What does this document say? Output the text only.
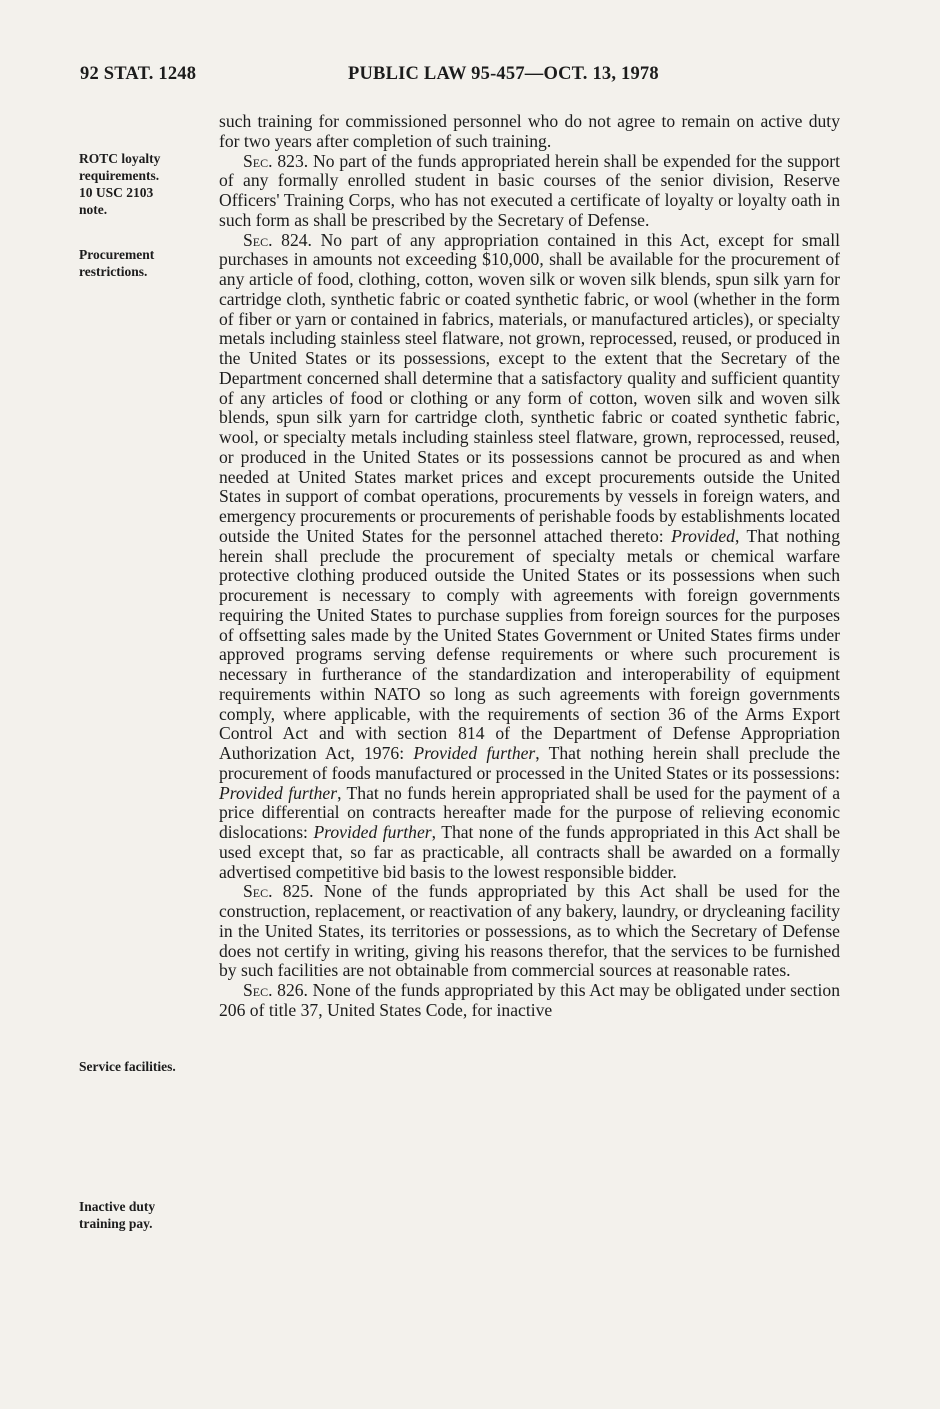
92 STAT. 1248	PUBLIC LAW 95-457—OCT. 13, 1978
ROTC loyalty
requirements.
10 USC 2103
note.
Procurement
restrictions.
Service facilities.
Inactive duty
training pay.

such training for commissioned personnel who do not agree to remain on active duty for two years after completion of such training.

Sec. 823. No part of the funds appropriated herein shall be expended for the support of any formally enrolled student in basic courses of the senior division, Reserve Officers' Training Corps, who has not executed a certificate of loyalty or loyalty oath in such form as shall be prescribed by the Secretary of Defense.

Sec. 824. No part of any appropriation contained in this Act, except for small purchases in amounts not exceeding $10,000, shall be available for the procurement of any article of food, clothing, cotton, woven silk or woven silk blends, spun silk yarn for cartridge cloth, synthetic fabric or coated synthetic fabric, or wool (whether in the form of fiber or yarn or contained in fabrics, materials, or manufactured articles), or specialty metals including stainless steel flatware, not grown, reprocessed, reused, or produced in the United States or its possessions, except to the extent that the Secretary of the Department concerned shall determine that a satisfactory quality and sufficient quantity of any articles of food or clothing or any form of cotton, woven silk and woven silk blends, spun silk yarn for cartridge cloth, synthetic fabric or coated synthetic fabric, wool, or specialty metals including stainless steel flatware, grown, reprocessed, reused, or produced in the United States or its possessions cannot be procured as and when needed at United States market prices and except procurements outside the United States in support of combat operations, procurements by vessels in foreign waters, and emergency procurements or procurements of perishable foods by establishments located outside the United States for the personnel attached thereto: Provided, That nothing herein shall preclude the procurement of specialty metals or chemical warfare protective clothing produced outside the United States or its possessions when such procurement is necessary to comply with agreements with foreign governments requiring the United States to purchase supplies from foreign sources for the purposes of offsetting sales made by the United States Government or United States firms under approved programs serving defense requirements or where such procurement is necessary in furtherance of the standardization and interoperability of equipment requirements within NATO so long as such agreements with foreign governments comply, where applicable, with the requirements of section 36 of the Arms Export Control Act and with section 814 of the Department of Defense Appropriation Authorization Act, 1976: Provided further, That nothing herein shall preclude the procurement of foods manufactured or processed in the United States or its possessions: Provided further, That no funds herein appropriated shall be used for the payment of a price differential on contracts hereafter made for the purpose of relieving economic dislocations: Provided further, That none of the funds appropriated in this Act shall be used except that, so far as practicable, all contracts shall be awarded on a formally advertised competitive bid basis to the lowest responsible bidder.

Sec. 825. None of the funds appropriated by this Act shall be used for the construction, replacement, or reactivation of any bakery, laundry, or drycleaning facility in the United States, its territories or possessions, as to which the Secretary of Defense does not certify in writing, giving his reasons therefor, that the services to be furnished by such facilities are not obtainable from commercial sources at reasonable rates.

Sec. 826. None of the funds appropriated by this Act may be obligated under section 206 of title 37, United States Code, for inactive
